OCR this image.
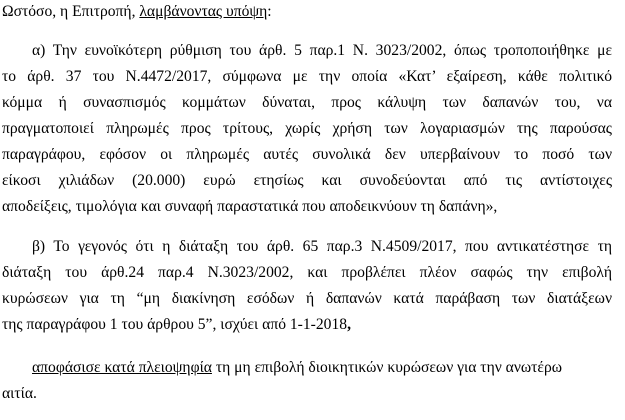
Ωστόσο, η Επιτροπή, λαμβάνοντας υπόψη:
α) Την ευνοϊκότερη ρύθμιση του άρθ. 5 παρ.1 Ν. 3023/2002, όπως τροποποιήθηκε με
το άρθ. 37 του Ν.4472/2017, σύμφωνα με την οποία «Κατ’ εξαίρεση, κάθε πολιτικό
κόμμα ή συνασπισμός κομμάτων δύναται, προς κάλυψη των δαπανών του, να
πραγματοποιεί πληρωμές προς τρίτους, χωρίς χρήση των λογαριασμών της παρούσας
παραγράφου, εφόσον οι πληρωμές αυτές συνολικά δεν υπερβαίνουν το ποσό των
είκοσι χιλιάδων (20.000) ευρώ ετησίως και συνοδεύονται από τις αντίστοιχες
αποδείξεις, τιμολόγια και συναφή παραστατικά που αποδεικνύουν τη δαπάνη»,
β) Το γεγονός ότι η διάταξη του άρθ. 65 παρ.3 Ν.4509/2017, που αντικατέστησε τη
διάταξη του άρθ.24 παρ.4 Ν.3023/2002, και προβλέπει πλέον σαφώς την επιβολή
κυρώσεων για τη “μη διακίνηση εσόδων ή δαπανών κατά παράβαση των διατάξεων
της παραγράφου 1 του άρθρου 5”, ισχύει από 1-1-2018,
αποφάσισε κατά πλειοψηφία τη μη επιβολή διοικητικών κυρώσεων για την ανωτέρω
αιτία.
